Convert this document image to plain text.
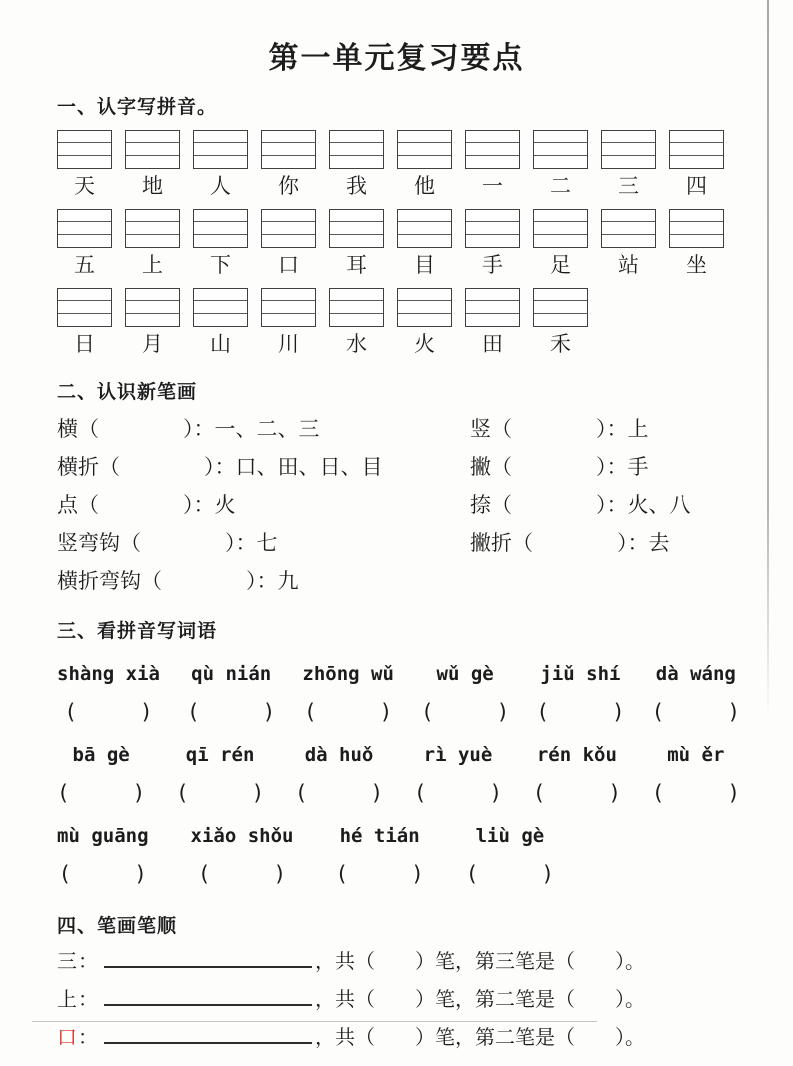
第一单元复习要点
一、认字写拼音。
天 地 人 你 我 他 一 二 三 四
五 上 下 口 耳 目 手 足 站 坐
日 月 山 川 水 火 田 禾
二、认识新笔画
横（　　　　）：一、二、三	竖（　　　　）：上
横折（　　　　）：口、田、日、目	撇（　　　　）：手
点（　　　　）：火	捺（　　　　）：火、八
竖弯钩（　　　　）：七	撇折（　　　　）：去
横折弯钩（　　　　）：九
三、看拼音写词语
shàng xià
(　　　)
qù nián
(　　　)
zhōng wǔ
(　　　)
wǔ gè
(　　　)
jiǔ shí
(　　　)
dà wáng
(　　　)
bā gè
(　　　)
qī rén
(　　　)
dà huǒ
(　　　)
rì yuè
(　　　)
rén kǒu
(　　　)
mù ěr
(　　　)
mù guāng
(　　　)
xiǎo shǒu
(　　　)
hé tián
(　　　)
liù gè
(　　　)
四、笔画笔顺
三：	，共（　　）笔，第三笔是（　　）。
上：	，共（　　）笔，第二笔是（　　）。
口：	，共（　　）笔，第二笔是（　　）。
